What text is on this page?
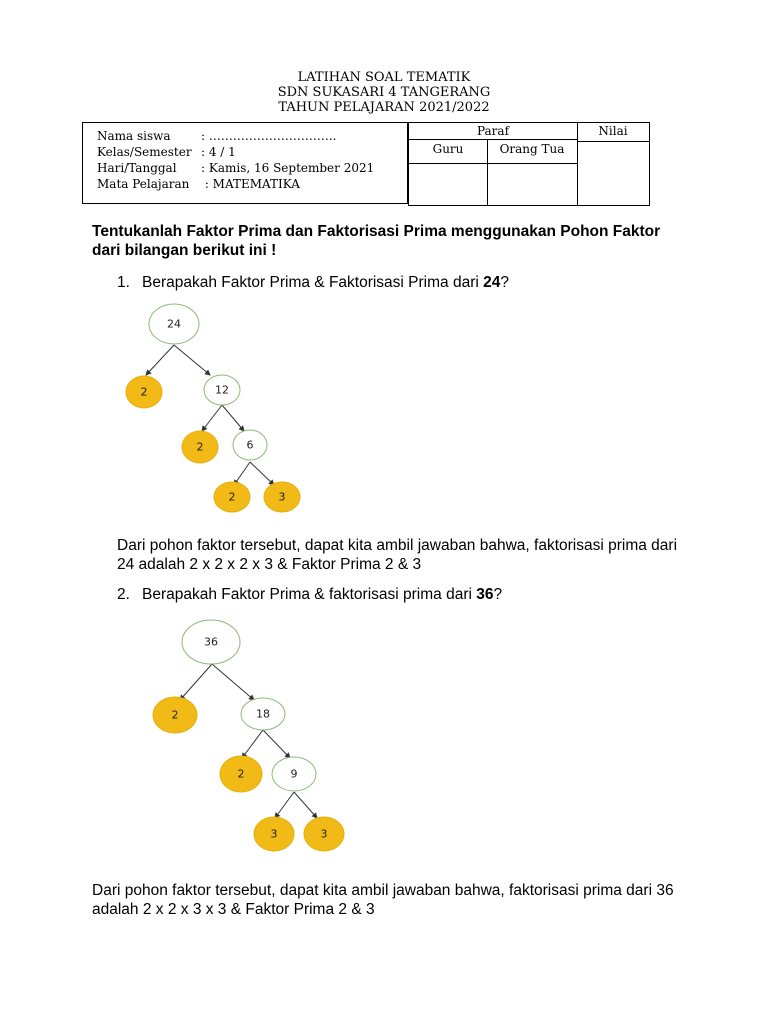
LATIHAN SOAL TEMATIK
SDN SUKASARI 4 TANGERANG
TAHUN PELAJARAN 2021/2022
Nama siswa	: …………………………..
Kelas/Semester : 4 / 1
Hari/Tanggal : Kamis, 16 September 2021
Mata Pelajaran : MATEMATIKA
Paraf	Nilai
Guru	Orang Tua
Tentukanlah Faktor Prima dan Faktorisasi Prima menggunakan Pohon Faktor dari bilangan berikut ini !
1. Berapakah Faktor Prima & Faktorisasi Prima dari 24?
24
2	12
2	6
2	3
Dari pohon faktor tersebut, dapat kita ambil jawaban bahwa, faktorisasi prima dari 24 adalah 2 x 2 x 2 x 3 & Faktor Prima 2 & 3
2. Berapakah Faktor Prima & faktorisasi prima dari 36?
36
2	18
2	9
3	3
Dari pohon faktor tersebut, dapat kita ambil jawaban bahwa, faktorisasi prima dari 36 adalah 2 x 2 x 3 x 3 & Faktor Prima 2 & 3
